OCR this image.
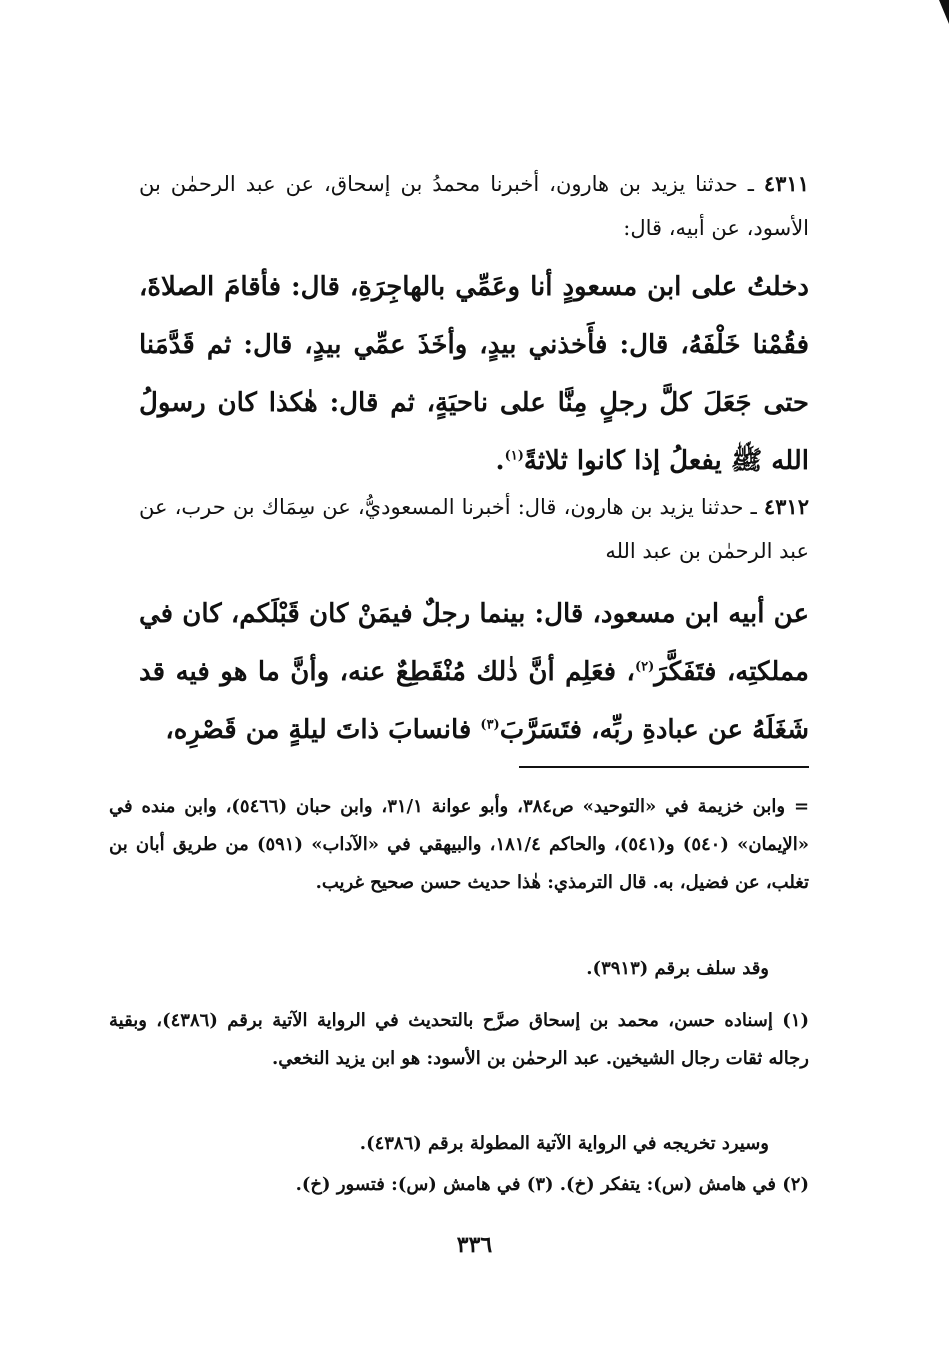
٤٣١١ ـ حدثنا يزيد بن هارون، أخبرنا محمدُ بن إسحاق، عن عبد الرحمٰن بن الأسود، عن أبيه، قال:
دخلتُ على ابن مسعودٍ أنا وعَمِّي بالهاجِرَةِ، قال: فأقامَ الصلاةَ، فقُمْنا خَلْفَهُ، قال: فأَخذني بيدٍ، وأخَذَ عمِّي بيدٍ، قال: ثم قَدَّمَنا حتى جَعَلَ كلَّ رجلٍ مِنَّا على ناحيَةٍ، ثم قال: هٰكذا كان رسولُ الله ﷺ يفعلُ إذا كانوا ثلاثةً$^{(١)}$.
٤٣١٢ ـ حدثنا يزيد بن هارون، قال: أخبرنا المسعوديُّ، عن سِمَاك بن حرب، عن عبد الرحمٰن بن عبد الله
عن أبيه ابن مسعود، قال: بينما رجلٌ فيمَنْ كان قَبْلَكم، كان في مملكتِه، فتَفَكَّرَ$^{(٢)}$، فعَلِم أنَّ ذٰلك مُنْقَطِعٌ عنه، وأنَّ ما هو فيه قد شَغَلَهُ عن عبادةِ ربِّه، فتَسَرَّبَ$^{(٣)}$ فانسابَ ذاتَ ليلةٍ من قَصْرِه،
= وابن خزيمة في «التوحيد» ص٣٨٤، وأبو عوانة ٣١/١، وابن حبان (٥٤٦٦)، وابن منده في «الإيمان» (٥٤٠) و(٥٤١)، والحاكم ١٨١/٤، والبيهقي في «الآداب» (٥٩١) من طريق أبان بن تغلب، عن فضيل، به. قال الترمذي: هٰذا حديث حسن صحيح غريب.
وقد سلف برقم (٣٩١٣).
(١) إسناده حسن، محمد بن إسحاق صرَّح بالتحديث في الرواية الآتية برقم (٤٣٨٦)، وبقية رجاله ثقات رجال الشيخين. عبد الرحمٰن بن الأسود: هو ابن يزيد النخعي.
وسيرد تخريجه في الرواية الآتية المطولة برقم (٤٣٨٦).
(٢) في هامش (س): يتفكر (خ). (٣) في هامش (س): فتسور (خ).
٣٣٦
